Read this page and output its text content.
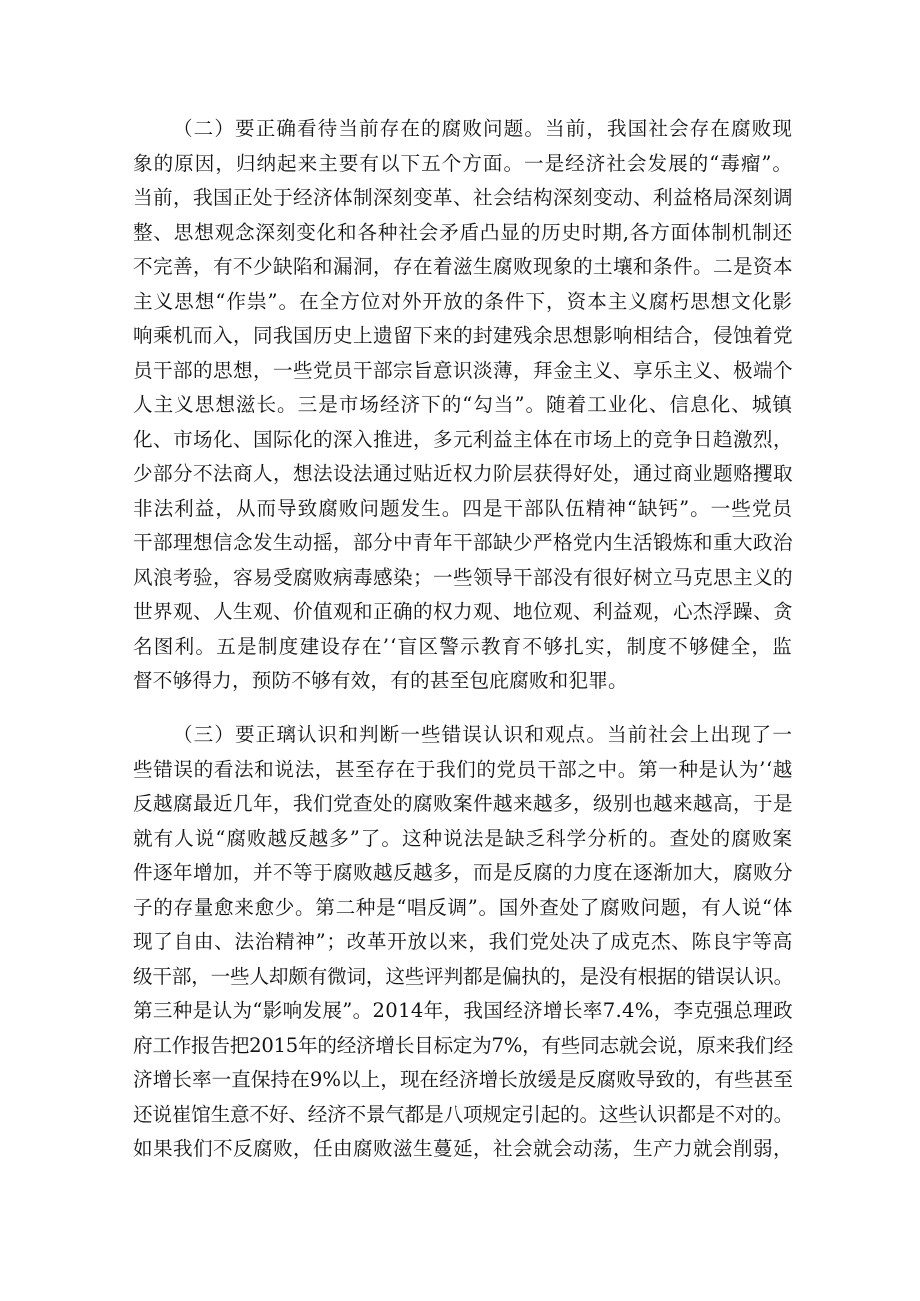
（二）要正确看待当前存在的腐败问题。当前，我国社会存在腐败现
象的原因，归纳起来主要有以下五个方面。一是经济社会发展的“毒瘤”。
当前，我国正处于经济体制深刻变革、社会结构深刻变动、利益格局深刻调
整、思想观念深刻变化和各种社会矛盾凸显的历史时期,各方面体制机制还
不完善，有不少缺陷和漏洞，存在着滋生腐败现象的土壤和条件。二是资本
主义思想“作祟”。在全方位对外开放的条件下，资本主义腐朽思想文化影
响乘机而入，同我国历史上遗留下来的封建残余思想影响相结合，侵蚀着党
员干部的思想，一些党员干部宗旨意识淡薄，拜金主义、享乐主义、极端个
人主义思想滋长。三是市场经济下的“勾当”。随着工业化、信息化、城镇
化、市场化、国际化的深入推进，多元利益主体在市场上的竞争日趋激烈，
少部分不法商人，想法设法通过贴近权力阶层获得好处，通过商业题赂攫取
非法利益，从而导致腐败问题发生。四是干部队伍精神“缺钙”。一些党员
干部理想信念发生动摇，部分中青年干部缺少严格党内生活锻炼和重大政治
风浪考验，容易受腐败病毒感染；一些领导干部没有很好树立马克思主义的
世界观、人生观、价值观和正确的权力观、地位观、利益观，心杰浮躁、贪
名图利。五是制度建设存在’‘盲区警示教育不够扎实，制度不够健全，监
督不够得力，预防不够有效，有的甚至包庇腐败和犯罪。
（三）要正璃认识和判断一些错误认识和观点。当前社会上出现了一
些错误的看法和说法，甚至存在于我们的党员干部之中。第一种是认为’‘越
反越腐最近几年，我们党查处的腐败案件越来越多，级别也越来越高，于是
就有人说“腐败越反越多”了。这种说法是缺乏科学分析的。查处的腐败案
件逐年增加，并不等于腐败越反越多，而是反腐的力度在逐渐加大，腐败分
子的存量愈来愈少。第二种是“唱反调”。国外查处了腐败问题，有人说“体
现了自由、法治精神”；改革开放以来，我们党处决了成克杰、陈良宇等高
级干部，一些人却颇有微词，这些评判都是偏执的，是没有根据的错误认识。
第三种是认为“影响发展”。2014年，我国经济增长率7.4%，李克强总理政
府工作报告把2015年的经济增长目标定为7%，有些同志就会说，原来我们经
济增长率一直保持在9%以上，现在经济增长放缓是反腐败导致的，有些甚至
还说崔馆生意不好、经济不景气都是八项规定引起的。这些认识都是不对的。
如果我们不反腐败，任由腐败滋生蔓延，社会就会动荡，生产力就会削弱，
